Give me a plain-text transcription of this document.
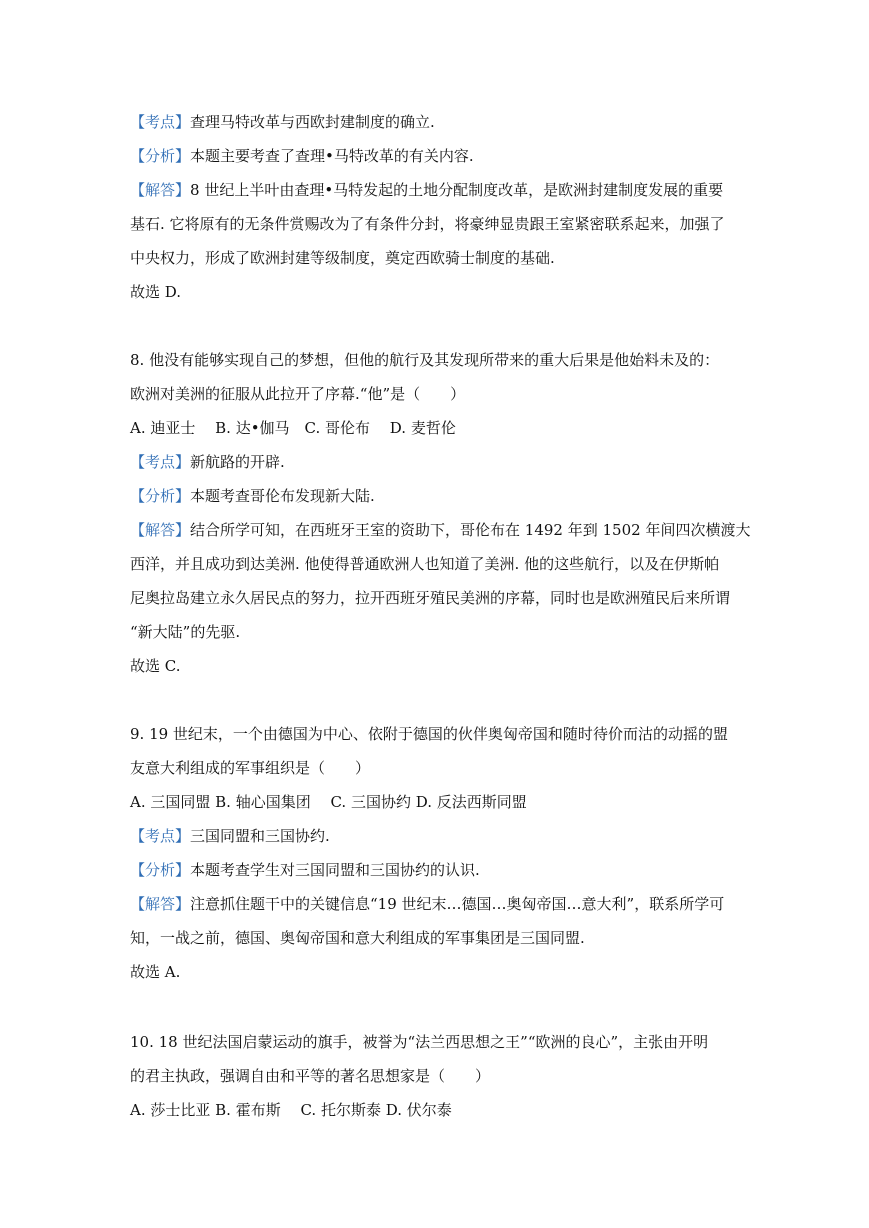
【考点】查理马特改革与西欧封建制度的确立.
【分析】本题主要考查了查理•马特改革的有关内容.
【解答】8 世纪上半叶由查理•马特发起的土地分配制度改革，是欧洲封建制度发展的重要
基石. 它将原有的无条件赏赐改为了有条件分封，将豪绅显贵跟王室紧密联系起来，加强了
中央权力，形成了欧洲封建等级制度，奠定西欧骑士制度的基础.
故选 D.
8. 他没有能够实现自己的梦想，但他的航行及其发现所带来的重大后果是他始料未及的：
欧洲对美洲的征服从此拉开了序幕.“他”是（　　）
A. 迪亚士　 B. 达•伽马　C. 哥伦布　 D. 麦哲伦
【考点】新航路的开辟.
【分析】本题考查哥伦布发现新大陆.
【解答】结合所学可知，在西班牙王室的资助下，哥伦布在 1492 年到 1502 年间四次横渡大
西洋，并且成功到达美洲. 他使得普通欧洲人也知道了美洲. 他的这些航行，以及在伊斯帕
尼奥拉岛建立永久居民点的努力，拉开西班牙殖民美洲的序幕，同时也是欧洲殖民后来所谓
“新大陆”的先驱.
故选 C.
9. 19 世纪末，一个由德国为中心、依附于德国的伙伴奥匈帝国和随时待价而沽的动摇的盟
友意大利组成的军事组织是（　　）
A. 三国同盟 B. 轴心国集团　 C. 三国协约 D. 反法西斯同盟
【考点】三国同盟和三国协约.
【分析】本题考查学生对三国同盟和三国协约的认识.
【解答】注意抓住题干中的关键信息“19 世纪末…德国…奥匈帝国…意大利”，联系所学可
知，一战之前，德国、奥匈帝国和意大利组成的军事集团是三国同盟.
故选 A.
10. 18 世纪法国启蒙运动的旗手，被誉为“法兰西思想之王”“欧洲的良心”，主张由开明
的君主执政，强调自由和平等的著名思想家是（　　）
A. 莎士比亚 B. 霍布斯　 C. 托尔斯泰 D. 伏尔泰
